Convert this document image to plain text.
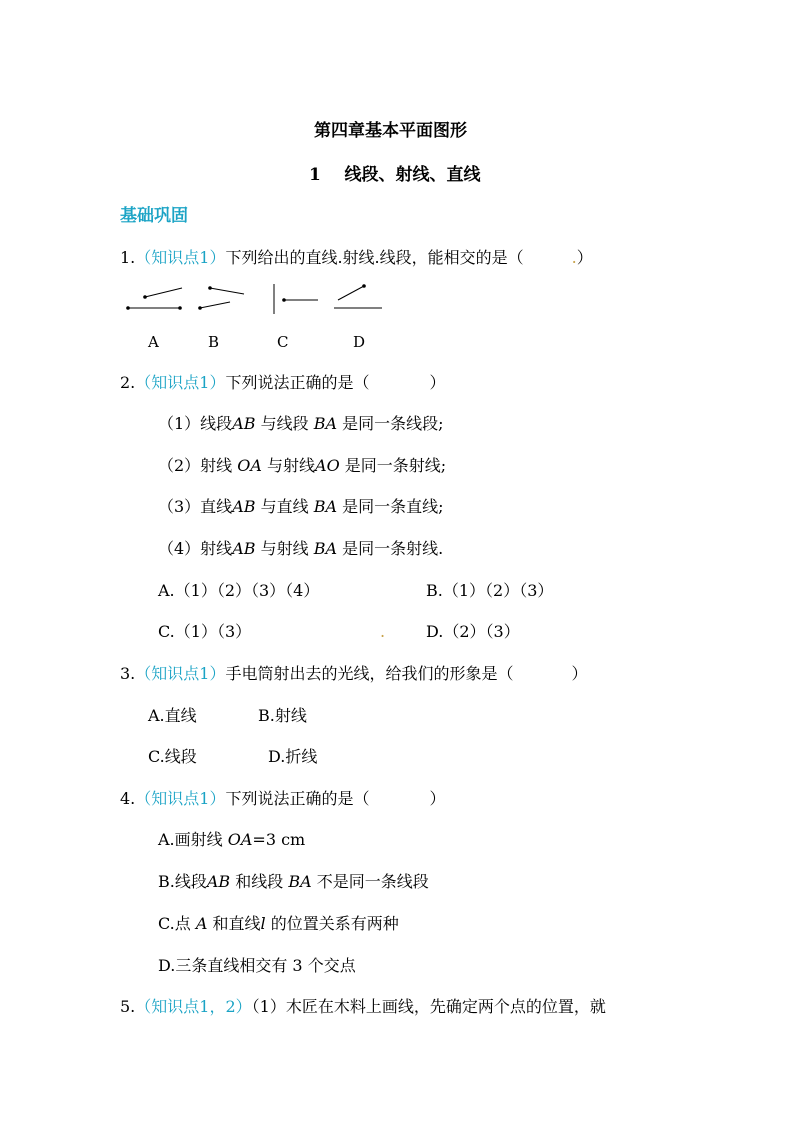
第四章基本平面图形
1 线段、射线、直线
基础巩固
1.（知识点1）下列给出的直线.射线.线段，能相交的是（	.）
A	B	C	D
2.（知识点1）下列说法正确的是（	）
（1）线段AB 与线段 BA 是同一条线段;
（2）射线 OA 与射线AO 是同一条射线;
（3）直线AB 与直线 BA 是同一条直线;
（4）射线AB 与射线 BA 是同一条射线.
A.（1）（2）（3）（4）	B.（1）（2）（3）
C.（1）（3）	.	D.（2）（3）
3.（知识点1）手电筒射出去的光线，给我们的形象是（	）
A.直线	B.射线
C.线段	D.折线
4.（知识点1）下列说法正确的是（	）
A.画射线 OA=3 cm
B.线段AB 和线段 BA 不是同一条线段
C.点 A 和直线l 的位置关系有两种
D.三条直线相交有 3 个交点
5.（知识点1，2）（1）木匠在木料上画线，先确定两个点的位置，就
